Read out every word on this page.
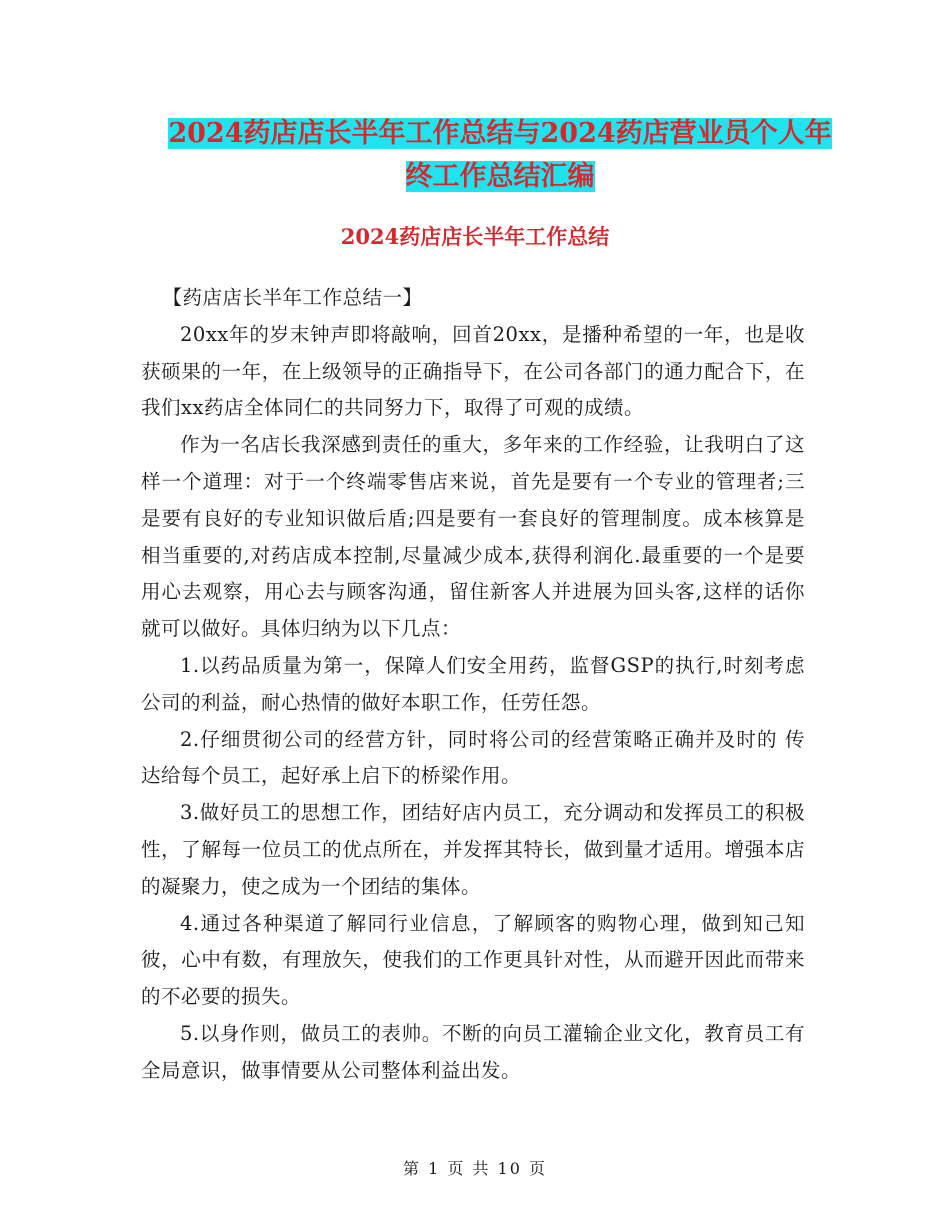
2024药店店长半年工作总结与2024药店营业员个人年
终工作总结汇编
2024药店店长半年工作总结

【药店店长半年工作总结一】

20xx年的岁末钟声即将敲响，回首20xx，是播种希望的一年，也是收获硕果的一年，在上级领导的正确指导下，在公司各部门的通力配合下，在我们xx药店全体同仁的共同努力下，取得了可观的成绩。

作为一名店长我深感到责任的重大，多年来的工作经验，让我明白了这样一个道理：对于一个终端零售店来说，首先是要有一个专业的管理者;三是要有良好的专业知识做后盾;四是要有一套良好的管理制度。成本核算是相当重要的,对药店成本控制,尽量减少成本,获得利润化.最重要的一个是要用心去观察，用心去与顾客沟通，留住新客人并进展为回头客,这样的话你就可以做好。具体归纳为以下几点：

1.以药品质量为第一，保障人们安全用药，监督GSP的执行,时刻考虑公司的利益，耐心热情的做好本职工作，任劳任怨。

2.仔细贯彻公司的经营方针，同时将公司的经营策略正确并及时的 传达给每个员工，起好承上启下的桥梁作用。

3.做好员工的思想工作，团结好店内员工，充分调动和发挥员工的积极性，了解每一位员工的优点所在，并发挥其特长，做到量才适用。增强本店的凝聚力，使之成为一个团结的集体。

4.通过各种渠道了解同行业信息，了解顾客的购物心理，做到知己知彼，心中有数，有理放矢，使我们的工作更具针对性，从而避开因此而带来的不必要的损失。

5.以身作则，做员工的表帅。不断的向员工灌输企业文化，教育员工有全局意识，做事情要从公司整体利益出发。

第 1 页 共 10 页
